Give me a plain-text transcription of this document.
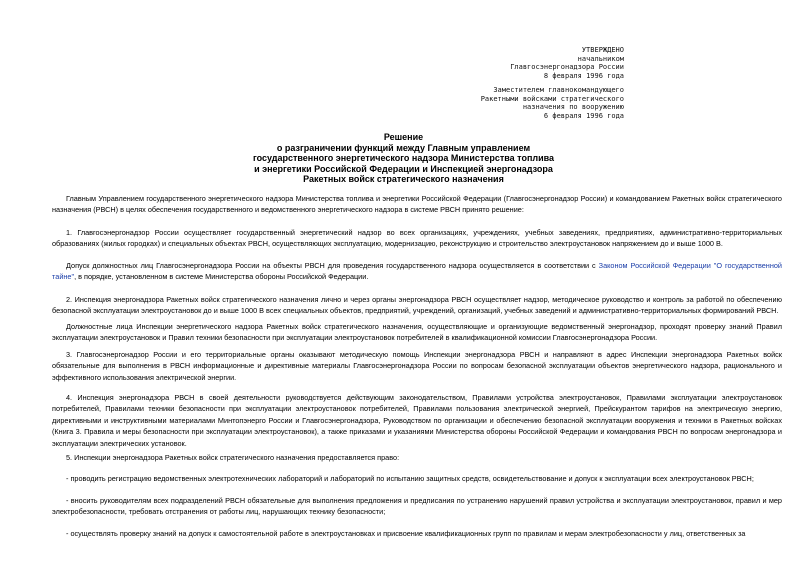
УТВЕРЖДЕНО
начальником
Главгосэнергонадзора России
8 февраля 1996 года
Заместителем главнокомандующего
Ракетными войсками стратегического
назначения по вооружению
6 февраля 1996 года
Решение
о разграничении функций между Главным управлением
государственного энергетического надзора Министерства топлива
и энергетики Российской Федерации и Инспекцией энергонадзора
Ракетных войск стратегического назначения

Главным Управлением государственного энергетического надзора Министерства топлива и энергетики Российской Федерации (Главгосэнергонадзор России) и командованием Ракетных войск стратегического назначения (РВСН) в целях обеспечения государственного и ведомственного энергетического надзора в системе РВСН принято решение:

1. Главгосэнергонадзор России осуществляет государственный энергетический надзор во всех организациях, учреждениях, учебных заведениях, предприятиях, административно-территориальных образованиях (жилых городках) и специальных объектах РВСН, осуществляющих эксплуатацию, модернизацию, реконструкцию и строительство электроустановок напряжением до и выше 1000 В.

Допуск должностных лиц Главгосэнергонадзора России на объекты РВСН для проведения государственного надзора осуществляется в соответствии с Законом Российской Федерации "О государственной тайне", в порядке, установленном в системе Министерства обороны Российской Федерации.

2. Инспекция энергонадзора Ракетных войск стратегического назначения лично и через органы энергонадзора РВСН осуществляет надзор, методическое руководство и контроль за работой по обеспечению безопасной эксплуатации электроустановок до и выше 1000 В всех специальных объектов, предприятий, учреждений, организаций, учебных заведений и административно-территориальных формирований РВСН.

Должностные лица Инспекции энергетического надзора Ракетных войск стратегического назначения, осуществляющие и организующие ведомственный энергонадзор, проходят проверку знаний Правил эксплуатации электроустановок и Правил техники безопасности при эксплуатации электроустановок потребителей в квалификационной комиссии Главгосэнергонадзора России.

3. Главгосэнергонадзор России и его территориальные органы оказывают методическую помощь Инспекции энергонадзора РВСН и направляют в адрес Инспекции энергонадзора Ракетных войск обязательные для выполнения в РВСН информационные и директивные материалы Главгосэнергонадзора России по вопросам безопасной эксплуатации объектов энергетического надзора, рационального и эффективного использования электрической энергии.

4. Инспекция энергонадзора РВСН в своей деятельности руководствуется действующим законодательством, Правилами устройства электроустановок, Правилами эксплуатации электроустановок потребителей, Правилами техники безопасности при эксплуатации электроустановок потребителей, Правилами пользования электрической энергией, Прейскурантом тарифов на электрическую энергию, директивными и инструктивными материалами Минтопэнерго России и Главгосэнергонадзора, Руководством по организации и обеспечению безопасной эксплуатации вооружения и техники в Ракетных войсках (Книга 3. Правила и меры безопасности при эксплуатации электроустановок), а также приказами и указаниями Министерства обороны Российской Федерации и командования РВСН по вопросам энергонадзора и эксплуатации электрических установок.

5. Инспекции энергонадзора Ракетных войск стратегического назначения предоставляется право:

- проводить регистрацию ведомственных электротехнических лабораторий и лабораторий по испытанию защитных средств, освидетельствование и допуск к эксплуатации всех электроустановок РВСН;

- вносить руководителям всех подразделений РВСН обязательные для выполнения предложения и предписания по устранению нарушений правил устройства и эксплуатации электроустановок, правил и мер электробезопасности, требовать отстранения от работы лиц, нарушающих технику безопасности;

- осуществлять проверку знаний на допуск к самостоятельной работе в электроустановках и присвоение квалификационных групп по правилам и мерам электробезопасности у лиц, ответственных за
